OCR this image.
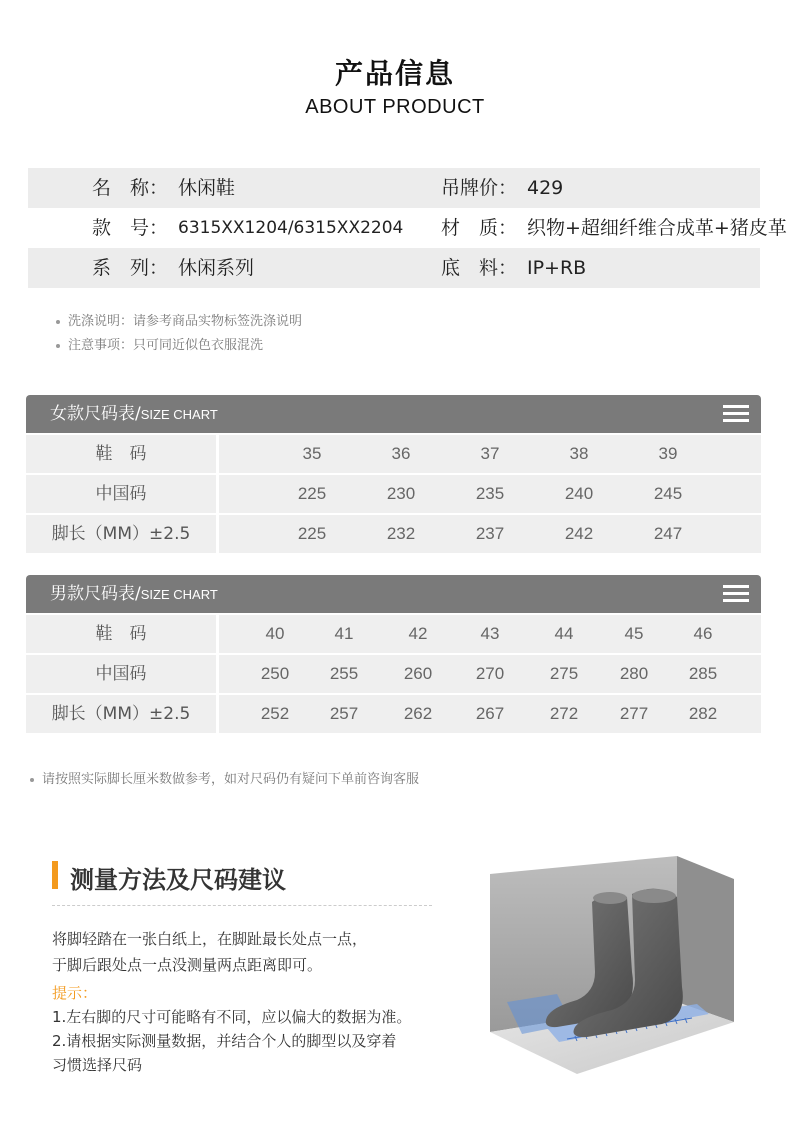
产品信息
ABOUT PRODUCT
名　称： 休闲鞋	吊牌价： 429
款　号： 6315XX1204/6315XX2204 材　质： 织物+超细纤维合成革+猪皮革
系　列： 休闲系列	底　料： IP+RB
洗涤说明：请参考商品实物标签洗涤说明
注意事项：只可同近似色衣服混洗
女款尺码表/SIZE CHART
鞋　码	35	36	37	38	39
中国码	225	230	235	240	245
脚长（MM）±2.5	225	232	237	242	247
男款尺码表/SIZE CHART
鞋　码	40	41	42	43	44	45	46
中国码	250 255	260	270	275 280 285
脚长（MM）±2.5	252 257	262	267	272 277 282
请按照实际脚长厘米数做参考，如对尺码仍有疑问下单前咨询客服
测量方法及尺码建议
将脚轻踏在一张白纸上，在脚趾最长处点一点，
于脚后跟处点一点没测量两点距离即可。
提示：
1.左右脚的尺寸可能略有不同，应以偏大的数据为准。
2.请根据实际测量数据，并结合个人的脚型以及穿着
习惯选择尺码
